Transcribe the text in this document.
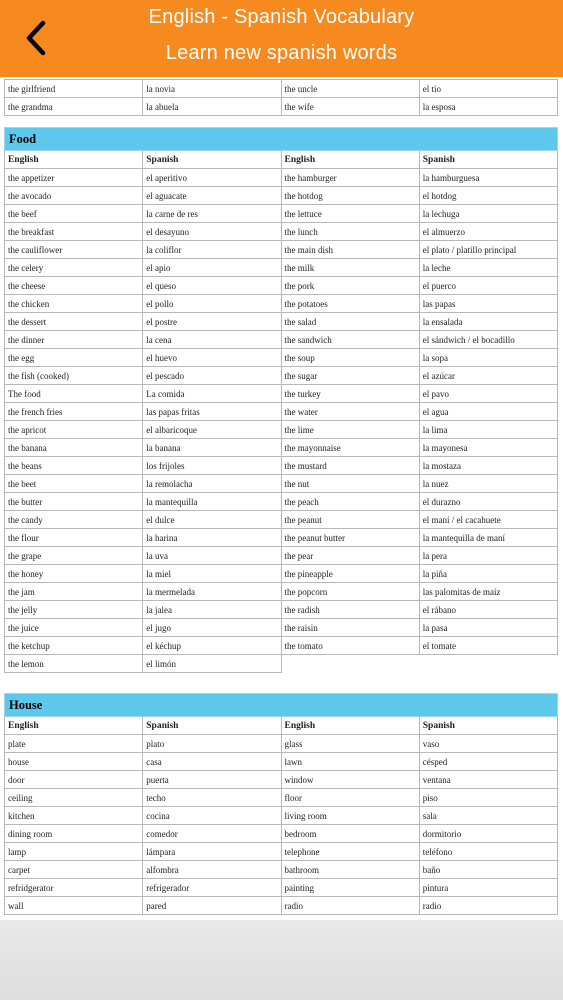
English - Spanish Vocabulary
Learn new spanish words
the girlfriend	la novia	the uncle	el tío
the grandma	la abuela	the wife	la esposa
Food			
English	Spanish	English	Spanish
the appetizer	el aperitivo	the hamburger	la hamburguesa
the avocado	el aguacate	the hotdog	el hotdog
the beef	la carne de res	the lettuce	la lechuga
the breakfast	el desayuno	the lunch	el almuerzo
the cauliflower	la coliflor	the main dish	el plato / platillo principal
the celery	el apio	the milk	la leche
the cheese	el queso	the pork	el puerco
the chicken	el pollo	the potatoes	las papas
the dessert	el postre	the salad	la ensalada
the dinner	la cena	the sandwich	el sándwich / el bocadillo
the egg	el huevo	the soup	la sopa
the fish (cooked)	el pescado	the sugar	el azúcar
The food	La comida	the turkey	el pavo
the french fries	las papas fritas	the water	el agua
the apricot	el albaricoque	the lime	la lima
the banana	la banana	the mayonnaise	la mayonesa
the beans	los frijoles	the mustard	la mostaza
the beet	la remolacha	the nut	la nuez
the butter	la mantequilla	the peach	el durazno
the candy	el dulce	the peanut	el maní / el cacahuete
the flour	la harina	the peanut butter	la mantequilla de maní
the grape	la uva	the pear	la pera
the honey	la miel	the pineapple	la piña
the jam	la mermelada	the popcorn	las palomitas de maiz
the jelly	la jalea	the radish	el rábano
the juice	el jugo	the raisin	la pasa
the ketchup	el kéchup	the tomato	el tomate
the lemon	el limón		
House			
English	Spanish	English	Spanish
plate	plato	glass	vaso
house	casa	lawn	césped
door	puerta	window	ventana
ceiling	techo	floor	piso
kitchen	cocina	living room	sala
dining room	comedor	bedroom	dormitorio
lamp	lámpara	telephone	teléfono
carpet	alfombra	bathroom	baño
refridgerator	refrigerador	painting	pintura
wall	pared	radio	radio
